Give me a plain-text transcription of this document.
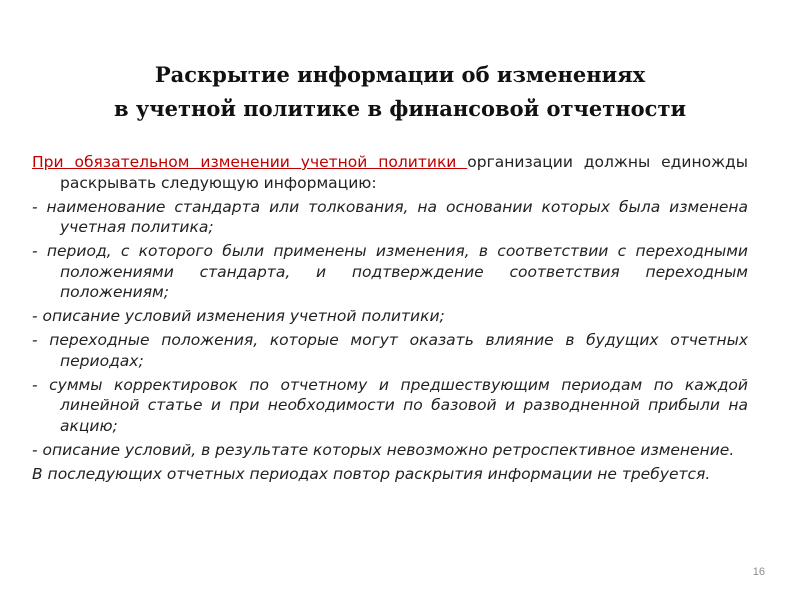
Раскрытие информации об изменениях
в учетной политике в финансовой отчетности

При обязательном изменении учетной политики организации должны единожды раскрывать следующую информацию:

- наименование стандарта или толкования, на основании которых была изменена учетная политика;

- период, с которого были применены изменения, в соответствии с переходными положениями стандарта, и подтверждение соответствия переходным положениям;

- описание условий изменения учетной политики;

- переходные положения, которые могут оказать влияние в будущих отчетных периодах;

- суммы корректировок по отчетному и предшествующим периодам по каждой линейной статье и при необходимости по базовой и разводненной прибыли на акцию;

- описание условий, в результате которых невозможно ретроспективное изменение.

В последующих отчетных периодах повтор раскрытия информации не требуется.

16
